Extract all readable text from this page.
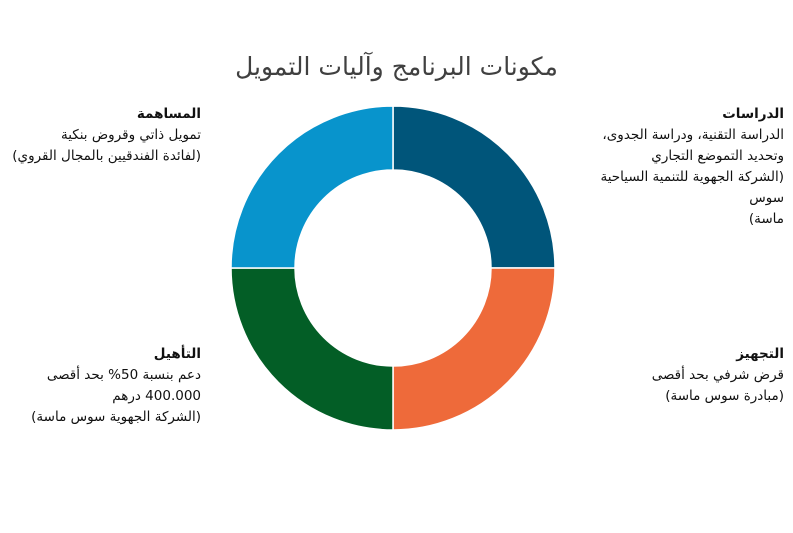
مكونات البرنامج وآليات التمويل
الدراسات
الدراسة التقنية، ودراسة الجدوى،
وتحديد التموضع التجاري
(الشركة الجهوية للتنمية السياحية سوس
ماسة)
المساهمة
تمويل ذاتي وقروض بنكية
(لفائدة الفندقيين بالمجال القروي)
التجهيز
قرض شرفي بحد أقصى
(مبادرة سوس ماسة)
التأهيل
دعم بنسبة 50% بحد أقصى
400.000 درهم
(الشركة الجهوية سوس ماسة)
